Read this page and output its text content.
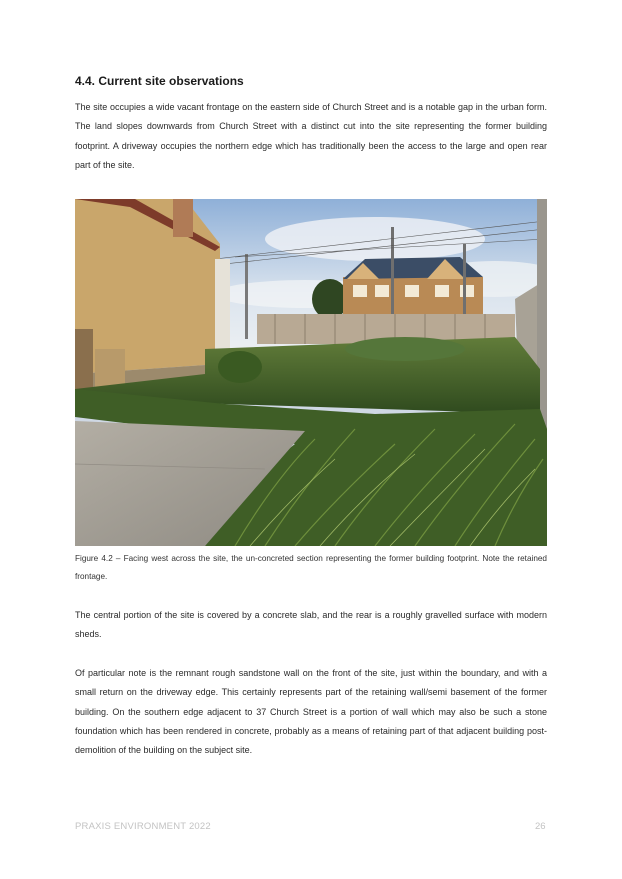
4.4. Current site observations

The site occupies a wide vacant frontage on the eastern side of Church Street and is a notable gap in the urban form. The land slopes downwards from Church Street with a distinct cut into the site representing the former building footprint. A driveway occupies the northern edge which has traditionally been the access to the large and open rear part of the site.

Figure 4.2 – Facing west across the site, the un-concreted section representing the former building footprint. Note the retained frontage.

The central portion of the site is covered by a concrete slab, and the rear is a roughly gravelled surface with modern sheds.

Of particular note is the remnant rough sandstone wall on the front of the site, just within the boundary, and with a small return on the driveway edge. This certainly represents part of the retaining wall/semi basement of the former building. On the southern edge adjacent to 37 Church Street is a portion of wall which may also be such a stone foundation which has been rendered in concrete, probably as a means of retaining part of that adjacent building post-demolition of the building on the subject site.

PRAXIS ENVIRONMENT 2022	26
